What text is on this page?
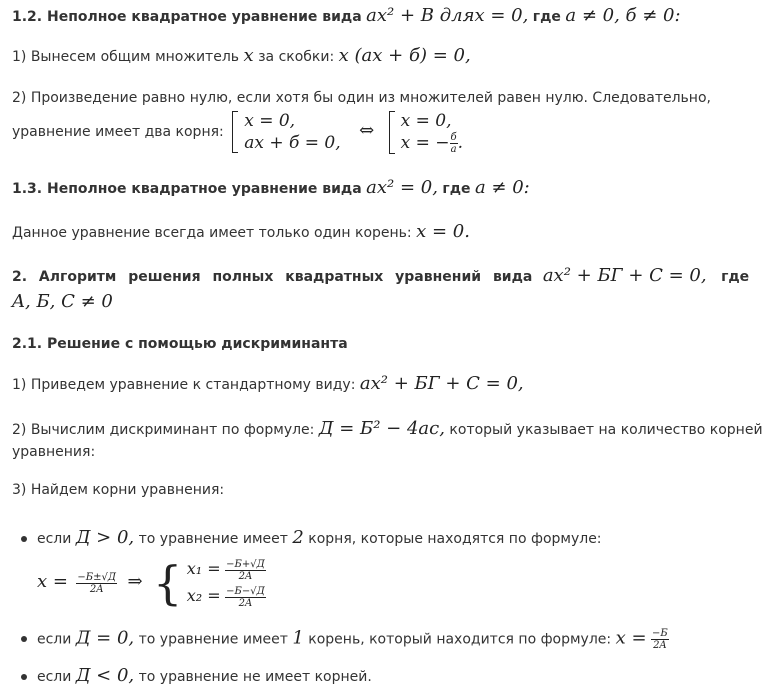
1.2. Неполное квадратное уравнение вида ax² + B длях = 0, где a ≠ 0, б ≠ 0:
1) Вынесем общим множитель x за скобки: x (ax + б) = 0,
2) Произведение равно нулю, если хотя бы один из множителей равен нулю. Следовательно,
уравнение имеет два корня:
x = 0,
ax + б = 0,
⇔ x = 0,
x = − $\frac{б}{a}$ .
1.3. Неполное квадратное уравнение вида ax² = 0, где a ≠ 0:
Данное уравнение всегда имеет только один корень: x = 0.
2. Алгоритм решения полных квадратных уравнений вида ax² + БГ + C = 0, где
A, Б, C ≠ 0
2.1. Решение с помощью дискриминанта
1) Приведем уравнение к стандартному виду: ax² + БГ + C = 0,
2) Вычислим дискриминант по формуле: Д = Б² − 4ac, который указывает на количество корней
уравнения:
3) Найдем корни уравнения:
если Д > 0, то уравнение имеет 2 корня, которые находятся по формуле:
$x = \frac{-Б\pm√Д}{2A}$ ⇒ { $x_1 = \frac{-Б+√Д}{2A}$
$x_2 = \frac{-Б-√Д}{2A}$
если Д = 0, то уравнение имеет 1 корень, который находится по формуле: $x = \frac{-Б}{2A}$
если Д < 0, то уравнение не имеет корней.
